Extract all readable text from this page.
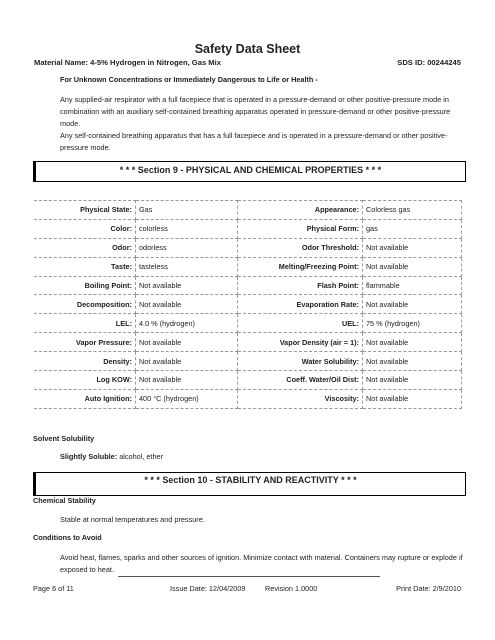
Safety Data Sheet
Material Name: 4-5% Hydrogen in Nitrogen, Gas Mix	SDS ID: 00244245
For Unknown Concentrations or Immediately Dangerous to Life or Health -
Any supplied-air respirator with a full facepiece that is operated in a pressure-demand or other positive-pressure mode in combination with an auxiliary self-contained breathing apparatus operated in pressure-demand or other positive-pressure mode.
Any self-contained breathing apparatus that has a full facepiece and is operated in a pressure-demand or other positive-pressure mode.
* * * Section 9 - PHYSICAL AND CHEMICAL PROPERTIES * * *
Physical State:	Gas	Appearance:	Colorless gas
Color:	colorless	Physical Form:	gas
Odor:	odorless	Odor Threshold:	Not available
Taste:	tasteless	Melting/Freezing Point:	Not available
Boiling Point:	Not available	Flash Point:	flammable
Decomposition:	Not available	Evaporation Rate:	Not available
LEL:	4.0 % (hydrogen)	UEL:	75 % (hydrogen)
Vapor Pressure:	Not available	Vapor Density (air = 1):	Not available
Density:	Not available	Water Solubility:	Not available
Log KOW:	Not available	Coeff. Water/Oil Dist:	Not available
Auto Ignition:	400 °C (hydrogen)	Viscosity:	Not available
Solvent Solubility
Slightly Soluble: alcohol, ether
* * * Section 10 - STABILITY AND REACTIVITY * * *
Chemical Stability
Stable at normal temperatures and pressure.
Conditions to Avoid
Avoid heat, flames, sparks and other sources of ignition. Minimize contact with material. Containers may rupture or explode if exposed to heat.
Page 6 of 11	Issue Date: 12/04/2009	Revision 1.0000	Print Date: 2/9/2010
